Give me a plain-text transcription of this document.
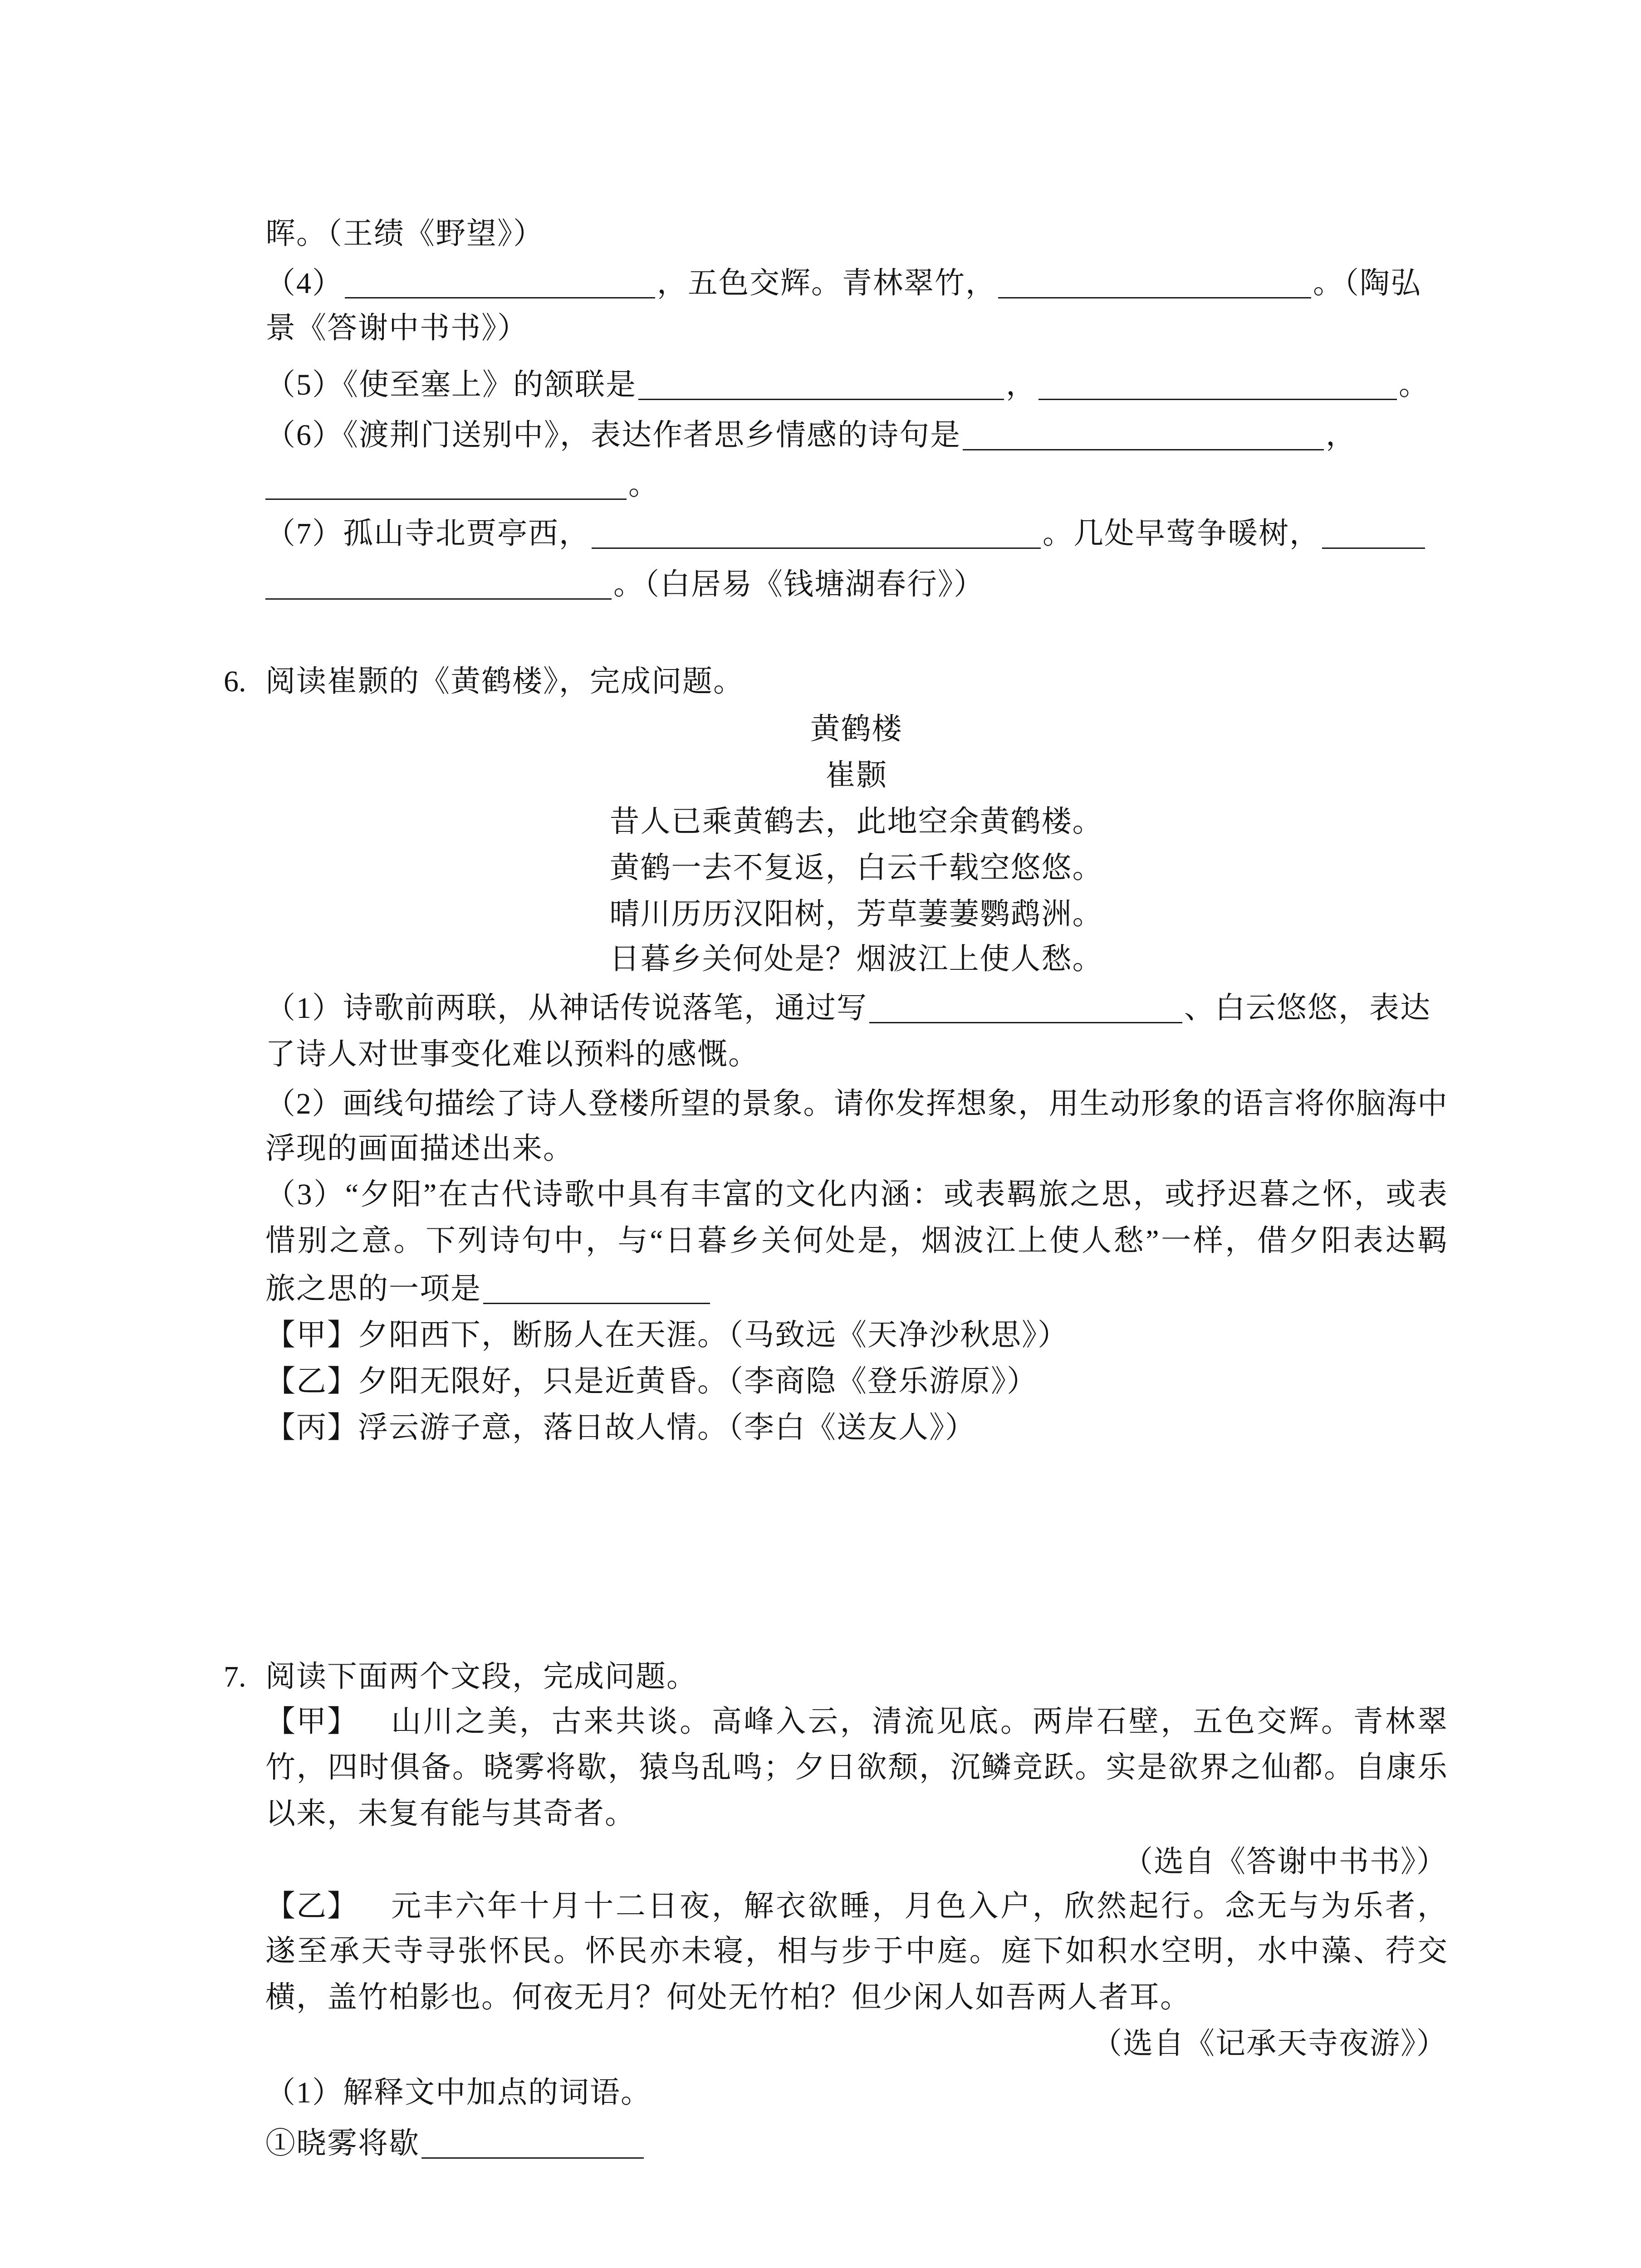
晖。（王绩《野望》）
（4）	，五色交辉。青林翠竹，	。（陶弘
景《答谢中书书》）
（5）《使至塞上》的颔联是	，	。
（6）《渡荆门送别中》，表达作者思乡情感的诗句是	，
。
（7）孤山寺北贾亭西，	。几处早莺争暖树，
。（白居易《钱塘湖春行》）
6. 阅读崔颢的《黄鹤楼》，完成问题。
黄鹤楼
崔颢
昔人已乘黄鹤去，此地空余黄鹤楼。
黄鹤一去不复返，白云千载空悠悠。
晴川历历汉阳树，芳草萋萋鹦鹉洲。
日暮乡关何处是？烟波江上使人愁。
（1）诗歌前两联，从神话传说落笔，通过写	、白云悠悠，表达
了诗人对世事变化难以预料的感慨。
（2）画线句描绘了诗人登楼所望的景象。请你发挥想象，用生动形象的语言将你脑海中
浮现的画面描述出来。
（3）“夕阳”在古代诗歌中具有丰富的文化内涵：或表羁旅之思，或抒迟暮之怀，或表
惜别之意。下列诗句中，与“日暮乡关何处是，烟波江上使人愁”一样，借夕阳表达羁
旅之思的一项是
【甲】夕阳西下，断肠人在天涯。（马致远《天净沙秋思》）
【乙】夕阳无限好，只是近黄昏。（李商隐《登乐游原》）
【丙】浮云游子意，落日故人情。（李白《送友人》）
7. 阅读下面两个文段，完成问题。
【甲】	山川之美，古来共谈。高峰入云，清流见底。两岸石壁，五色交辉。青林翠
竹，四时俱备。晓雾将歇，猿鸟乱鸣；夕日欲颓，沉鳞竞跃。实是欲界之仙都。自康乐
以来，未复有能与其奇者。
（选自《答谢中书书》）
【乙】	元丰六年十月十二日夜，解衣欲睡，月色入户，欣然起行。念无与为乐者，
遂至承天寺寻张怀民。怀民亦未寝，相与步于中庭。庭下如积水空明，水中藻、荇交
横，盖竹柏影也。何夜无月？何处无竹柏？但少闲人如吾两人者耳。
（选自《记承天寺夜游》）
（1）解释文中加点的词语。
①晓雾将歇
